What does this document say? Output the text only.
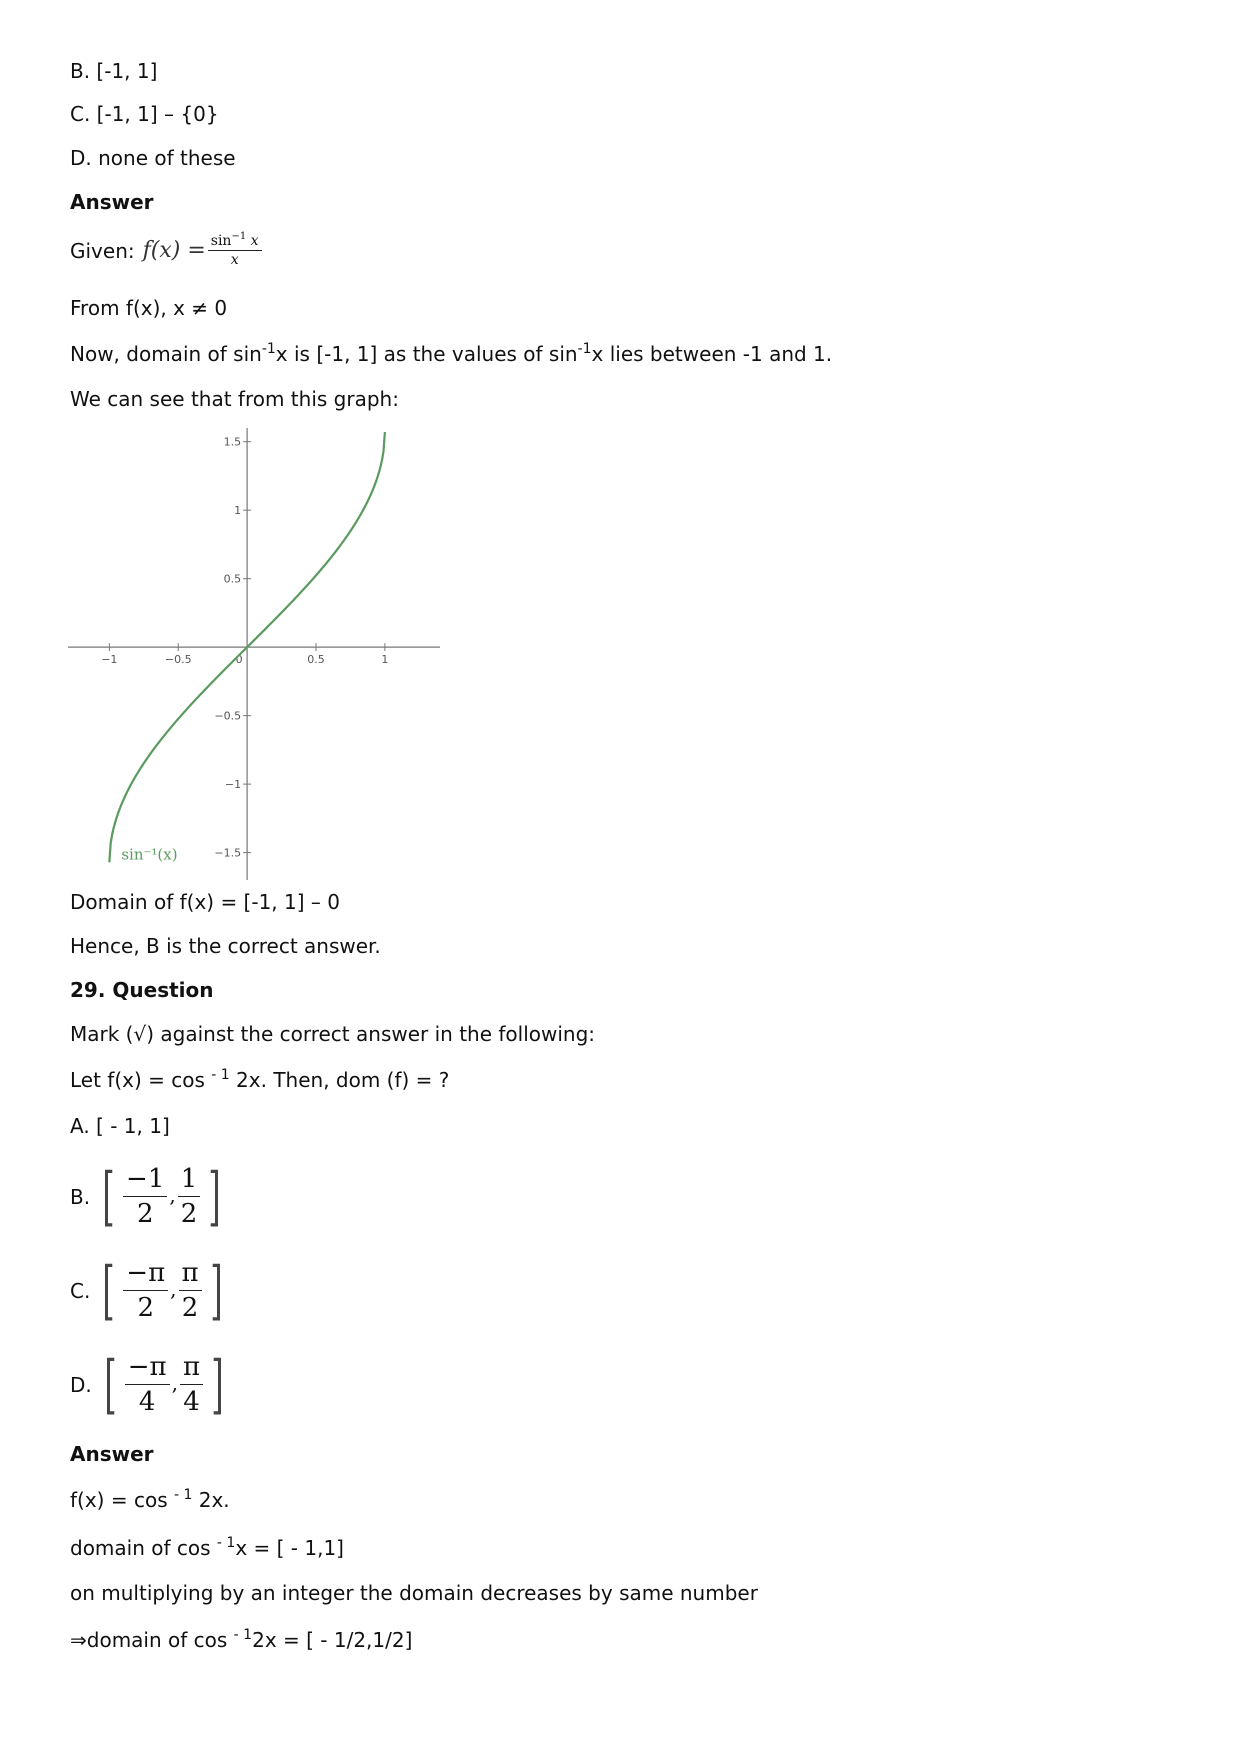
B. [-1, 1]
C. [-1, 1] – {0}
D. none of these
Answer
Given: $f(x) = \frac{\sin^{-1} x}{x}$
From f(x), x ≠ 0
Now, domain of $\sin^{-1}x$ is [-1, 1] as the values of $\sin^{-1}x$ lies between -1 and 1.
We can see that from this graph:
−1	−0.5	0	0.5	1
1.5
1
0.5
−0.5
−1
−1.5
sin⁻¹(x)
Domain of f(x) = [-1, 1] – 0
Hence, B is the correct answer.
29. Question
Mark (√) against the correct answer in the following:
Let f(x) = cos $^{- 1}$ 2x. Then, dom (f) = ?
A. [ - 1, 1]
B. [ $\frac{-1}{2}$ , $\frac{1}{2}$ ]
C. [ $\frac{-\pi}{2}$ , $\frac{\pi}{2}$ ]
D. [ $\frac{-\pi}{4}$ , $\frac{\pi}{4}$ ]
Answer
f(x) = cos $^{- 1}$ 2x.
domain of cos $^{- 1}$x = [ - 1,1]
on multiplying by an integer the domain decreases by same number
⇒domain of cos $^{- 1}$2x = [ - 1/2,1/2]
